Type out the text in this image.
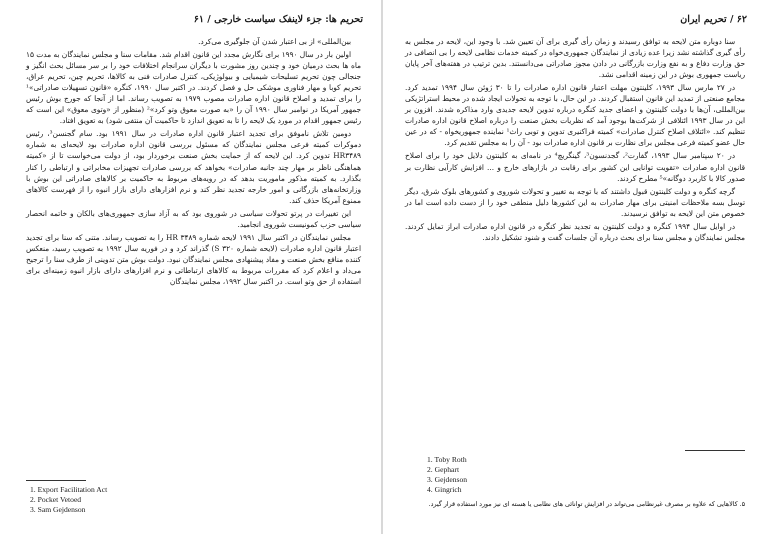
تحریم ها: جزء لاینفک سیاست خارجی / ۶۱

بین‌المللی» از بی اعتبار شدن آن جلوگیری می‌کرد.

اولین بار در سال ۱۹۹۰ برای نگارش مجدد این قانون اقدام شد. مقامات سنا و مجلس نمایندگان به مدت ۱۵ ماه ها بحث درمیان خود و چندین روز مشورت با دیگران سرانجام اختلافات خود را بر سر مسائل بحث انگیز و جنجالی چون تحریم تسلیحات شیمیایی و بیولوژیکی، کنترل صادرات فنی به کالاها، تحریم چین، تحریم عراق، تحریم کوبا و مهار فناوری موشکی حل و فصل کردند. در اکتبر سال ۱۹۹۰، کنگره «قانون تسهیلات صادراتی»¹ را برای تمدید و اصلاح قانون اداره صادرات مصوب ۱۹۷۹ به تصویب رساند. اما از آنجا که جورج بوش رئیس جمهور آمریکا در نوامبر سال ۱۹۹۰ آن را «به صورت معوق وتو کرد»² (منظور از «وتوی معوق» این است که رئیس جمهور اقدام در مورد یک لایحه را تا به تعویق اندازد تا حاکمیت آن منتفی شود) به تعویق افتاد.

دومین تلاش ناموفق برای تجدید اعتبار قانون اداره صادرات در سال ۱۹۹۱ بود. سام گجنسن³، رئیس دموکرات کمیته فرعی مجلس نمایندگان که مسئول بررسی قانون اداره صادرات بود لایحه‌ای به شماره HR۳۴۸۹ تدوین کرد. این لایحه که از حمایت بخش صنعت برخوردار بود، از دولت می‌خواست تا از «کمیته هماهنگی ناظر بر مهار چند جانبه صادرات» بخواهد که بررسی صادرات تجهیزات مخابراتی و ارتباطی را کنار بگذارد. به کمیته مذکور ماموریت بدهد که در رویه‌های مربوط به حاکمیت بر کالاهای صادراتی این بوش با وزارتخانه‌های بازرگانی و امور خارجه تجدید نظر کند و نرم افزارهای دارای بازار انبوه را از فهرست کالاهای ممنوع آمریکا حذف کند.

این تغییرات در پرتو تحولات سیاسی در شوروی بود که به آزاد سازی جمهوری‌های بالکان و خاتمه انحصار سیاسی حزب کمونیست شوروی انجامید.

مجلس نمایندگان در اکتبر سال ۱۹۹۱ لایحه شماره HR ۳۴۸۹ را به تصویب رساند. متنی که سنا برای تجدید اعتبار قانون اداره صادرات (لایحه شماره S ۳۲۰) گذراند کرد و در فوریه سال ۱۹۹۲ به تصویب رسید، منعکس کننده منافع بخش صنعت و مفاد پیشنهادی مجلس نمایندگان نبود. دولت بوش متن تدوینی از طرف سنا را ترجیح می‌داد و اعلام کرد که مقررات مربوط به کالاهای ارتباطاتی و نرم افزارهای دارای بازار انبوه زمینه‌ای برای استفاده از حق وتو است. در اکتبر سال ۱۹۹۲، مجلس نمایندگان

1. Export Facilitation Act
2. Pocket Vetoed
3. Sam Gejdenson
۶۲ / تحریم ایران

سنا دوباره متن لایحه به توافق رسیدند و زمان رأی گیری برای آن تعیین شد. با وجود این، لایحه در مجلس به رأی گیری گذاشته نشد زیرا عده زیادی از نمایندگان جمهوری‌خواه در کمیته خدمات نظامی لایحه را بی انصافی در حق وزارت دفاع و به نفع وزارت بازرگانی در دادن مجوز صادراتی می‌دانستند. بدین ترتیب در هفته‌های آخر پایان ریاست جمهوری بوش در این زمینه اقدامی نشد.

در ۲۷ مارس سال ۱۹۹۳، کلینتون مهلت اعتبار قانون اداره صادرات را تا ۳۰ ژوئن سال ۱۹۹۴ تمدید کرد. مجامع صنعتی از تمدید این قانون استقبال کردند. در این حال، با توجه به تحولات ایجاد شده در محیط استراتژیکی بین‌المللی، آن‌ها با دولت کلینتون و اعضای جدید کنگره درباره تدوین لایحه جدیدی وارد مذاکره شدند. افزون بر این در سال ۱۹۹۳ ائتلافی از شرکت‌ها بوجود آمد که نظریات بخش صنعت را درباره اصلاح قانون اداره صادرات تنظیم کند. «ائتلاف اصلاح کنترل صادرات» کمیته فراکنیری تدوین و توبی راث¹ نماینده جمهوریخواه - که در عین حال عضو کمیته فرعی مجلس برای نظارت بر قانون اداره صادرات بود - آن را به مجلس تقدیم کرد.

در ۲۰ سپتامبر سال ۱۹۹۳، گفارت²، گجدنسون³، گینگریچ⁴ در نامه‌ای به کلینتون دلایل خود را برای اصلاح قانون اداره صادرات «تقویت توانایی این کشور برای رقابت در بازارهای خارج و ... افزایش کارآیی نظارت بر صدور کالا با کاربرد دوگانه»⁵ مطرح کردند.

گرچه کنگره و دولت کلینتون قبول داشتند که با توجه به تغییر و تحولات شوروی و کشورهای بلوک شرق، دیگر توسل بسه ملاحظات امنیتی برای مهار صادرات به این کشورها دلیل منطقی خود را از دست داده است اما در خصوص متن این لایحه به توافق نرسیدند.

در اوایل سال ۱۹۹۴ کنگره و دولت کلینتون به تجدید نظر کنگره در قانون اداره صادرات ابراز تمایل کردند. مجلس نمایندگان و مجلس سنا برای بحث درباره آن جلسات گفت و شنود تشکیل دادند.

1. Toby Roth
2. Gephart
3. Gejdenson
4. Gingrich
۵. کالاهایی که علاوه بر مصرف غیرنظامی می‌تواند در افزایش توانائی های نظامی یا هسته ای نیز مورد استفاده قرار گیرد.
